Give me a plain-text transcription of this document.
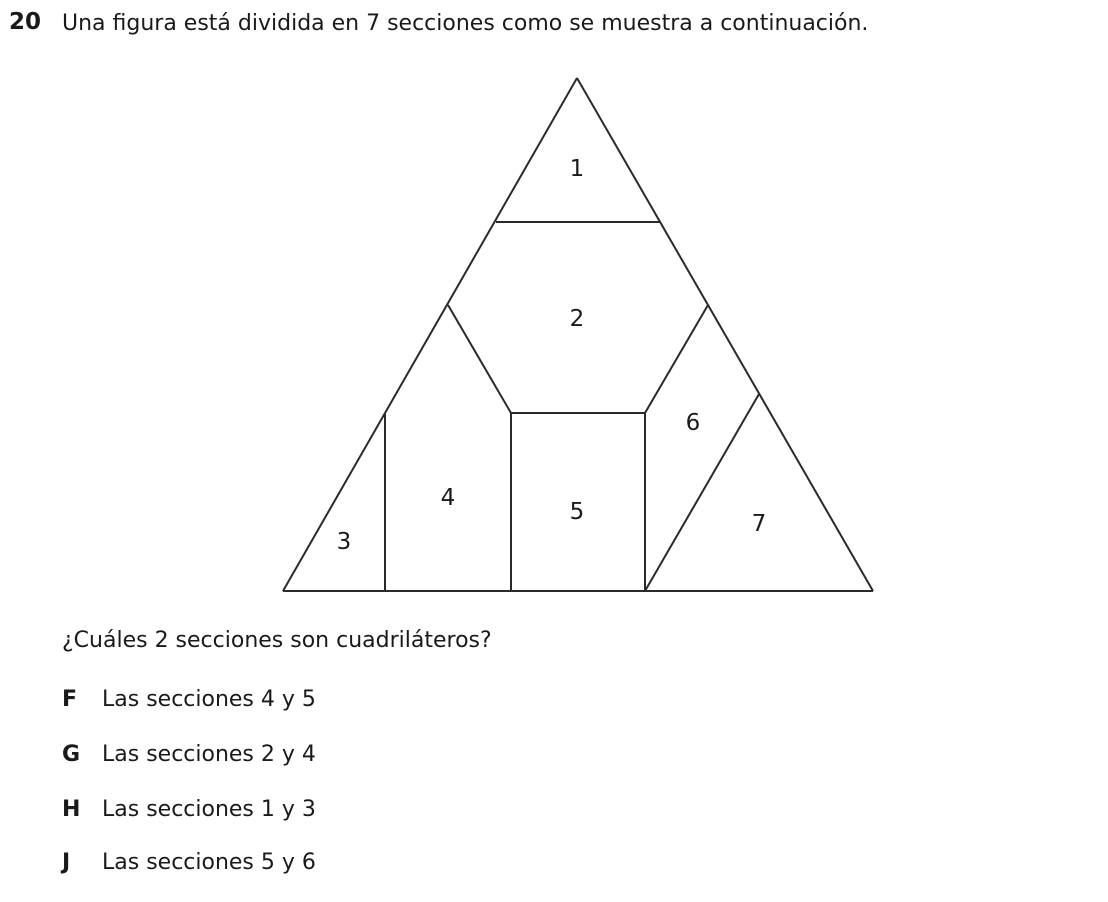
20 Una figura está dividida en 7 secciones como se muestra a continuación.
1
2
3
4
5
6
7
¿Cuáles 2 secciones son cuadriláteros?
F	Las secciones 4 y 5
G Las secciones 2 y 4
H Las secciones 1 y 3
J	Las secciones 5 y 6
